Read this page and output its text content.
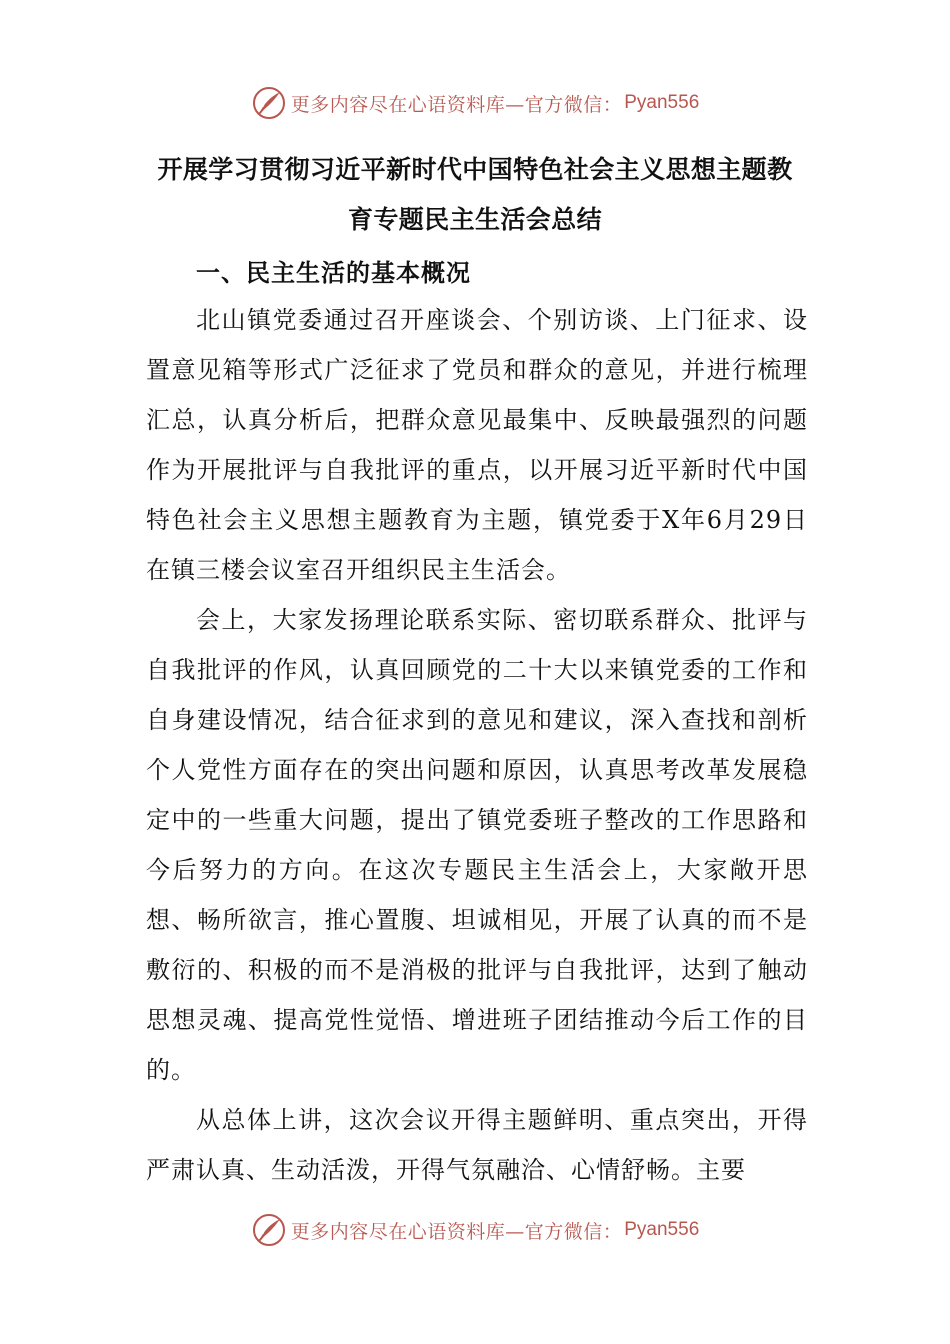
更多内容尽在心语资料库—官方微信： Pyan556
开展学习贯彻习近平新时代中国特色社会主义思想主题教
育专题民主生活会总结
一、民主生活的基本概况

北山镇党委通过召开座谈会、个别访谈、上门征求、设置意见箱等形式广泛征求了党员和群众的意见，并进行梳理汇总，认真分析后，把群众意见最集中、反映最强烈的问题作为开展批评与自我批评的重点，以开展习近平新时代中国特色社会主义思想主题教育为主题，镇党委于X年6月29日在镇三楼会议室召开组织民主生活会。

会上，大家发扬理论联系实际、密切联系群众、批评与自我批评的作风，认真回顾党的二十大以来镇党委的工作和自身建设情况，结合征求到的意见和建议，深入查找和剖析个人党性方面存在的突出问题和原因，认真思考改革发展稳定中的一些重大问题，提出了镇党委班子整改的工作思路和今后努力的方向。在这次专题民主生活会上，大家敞开思想、畅所欲言，推心置腹、坦诚相见，开展了认真的而不是敷衍的、积极的而不是消极的批评与自我批评，达到了触动思想灵魂、提高党性觉悟、增进班子团结推动今后工作的目的。

从总体上讲，这次会议开得主题鲜明、重点突出，开得严肃认真、生动活泼，开得气氛融洽、心情舒畅。主要

更多内容尽在心语资料库—官方微信： Pyan556
